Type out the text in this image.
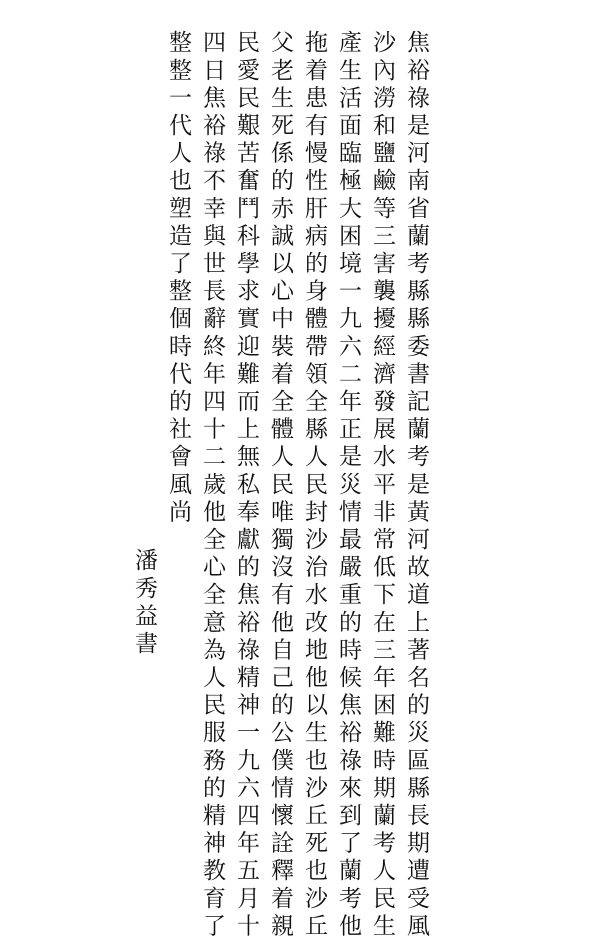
焦裕祿是河南省蘭考縣縣委書記蘭考是黃河故道上著名的災區縣長期遭受風
沙內澇和鹽鹼等三害襲擾經濟發展水平非常低下在三年困難時期蘭考人民生
產生活面臨極大困境一九六二年正是災情最嚴重的時候焦裕祿來到了蘭考他
拖着患有慢性肝病的身體帶領全縣人民封沙治水改地他以生也沙丘死也沙丘
父老生死係的赤誠以心中裝着全體人民唯獨沒有他自己的公僕情懷詮釋着親
民愛民艱苦奮鬥科學求實迎難而上無私奉獻的焦裕祿精神一九六四年五月十
四日焦裕祿不幸與世長辭終年四十二歲他全心全意為人民服務的精神教育了
整整一代人也塑造了整個時代的社會風尚
潘秀益書
